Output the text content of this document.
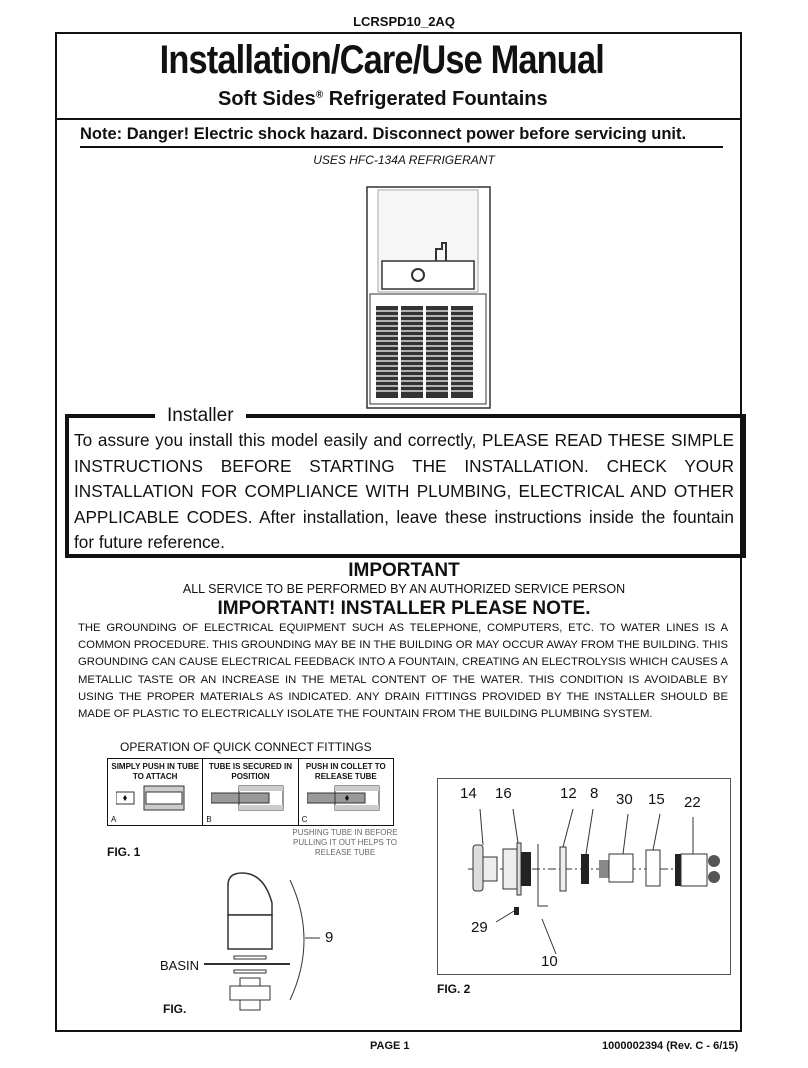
LCRSPD10_2AQ
Installation/Care/Use Manual
Soft Sides® Refrigerated Fountains
Note: Danger! Electric shock hazard. Disconnect power before servicing unit.
USES HFC-134A REFRIGERANT
Installer
To assure you install this model easily and correctly, PLEASE READ THESE SIMPLE INSTRUCTIONS BEFORE STARTING THE INSTALLATION. CHECK YOUR INSTALLATION FOR COMPLIANCE WITH PLUMBING, ELECTRICAL AND OTHER APPLICABLE CODES. After installation, leave these instructions inside the fountain for future reference.
IMPORTANT
ALL SERVICE TO BE PERFORMED BY AN AUTHORIZED SERVICE PERSON
IMPORTANT! INSTALLER PLEASE NOTE.
THE GROUNDING OF ELECTRICAL EQUIPMENT SUCH AS TELEPHONE, COMPUTERS, ETC. TO WATER LINES IS A COMMON PROCEDURE. THIS GROUNDING MAY BE IN THE BUILDING OR MAY OCCUR AWAY FROM THE BUILDING. THIS GROUNDING CAN CAUSE ELECTRICAL FEEDBACK INTO A FOUNTAIN, CREATING AN ELECTROLYSIS WHICH CAUSES A METALLIC TASTE OR AN INCREASE IN THE METAL CONTENT OF THE WATER. THIS CONDITION IS AVOIDABLE BY USING THE PROPER MATERIALS AS INDICATED. ANY DRAIN FITTINGS PROVIDED BY THE INSTALLER SHOULD BE MADE OF PLASTIC TO ELECTRICALLY ISOLATE THE FOUNTAIN FROM THE BUILDING PLUMBING SYSTEM.
OPERATION OF QUICK CONNECT FITTINGS
SIMPLY PUSH IN TUBE TO ATTACH
A
TUBE IS SECURED IN POSITION
B
PUSH IN COLLET TO RELEASE TUBE
C
PUSHING TUBE IN BEFORE PULLING IT OUT HELPS TO RELEASE TUBE
FIG. 1
9
BASIN
FIG.
14 16	12 8 30 15 22
29
10
FIG. 2
PAGE 1	1000002394 (Rev. C - 6/15)
